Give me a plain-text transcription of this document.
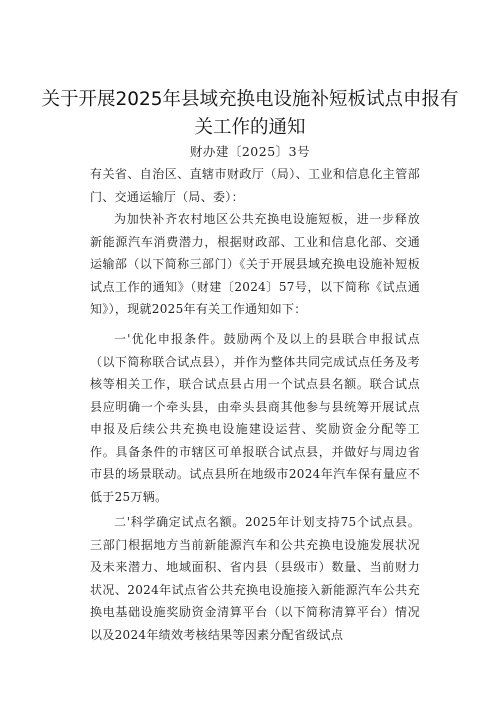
关于开展2025年县域充换电设施补短板试点申报有关工作的通知
财办建〔2025〕3号
有关省、自治区、直辖市财政厅（局）、工业和信息化主管部门、交通运输厅（局、委）：

为加快补齐农村地区公共充换电设施短板，进一步释放新能源汽车消费潜力，根据财政部、工业和信息化部、交通运输部（以下简称三部门）《关于开展县域充换电设施补短板试点工作的通知》（财建〔2024〕57号，以下简称《试点通知》），现就2025年有关工作通知如下：

一'优化申报条件。鼓励两个及以上的县联合申报试点（以下简称联合试点县），并作为整体共同完成试点任务及考核等相关工作，联合试点县占用一个试点县名额。联合试点县应明确一个牵头县，由牵头县商其他参与县统筹开展试点申报及后续公共充换电设施建设运营、奖励资金分配等工作。具备条件的市辖区可单报联合试点县，并做好与周边省市县的场景联动。试点县所在地级市2024年汽车保有量应不低于25万辆。

二'科学确定试点名额。2025年计划支持75个试点县。三部门根据地方当前新能源汽车和公共充换电设施发展状况及未来潜力、地域面积、省内县（县级市）数量、当前财力状况、2024年试点省公共充换电设施接入新能源汽车公共充换电基础设施奖励资金清算平台（以下简称清算平台）情况以及2024年绩效考核结果等因素分配省级试点
